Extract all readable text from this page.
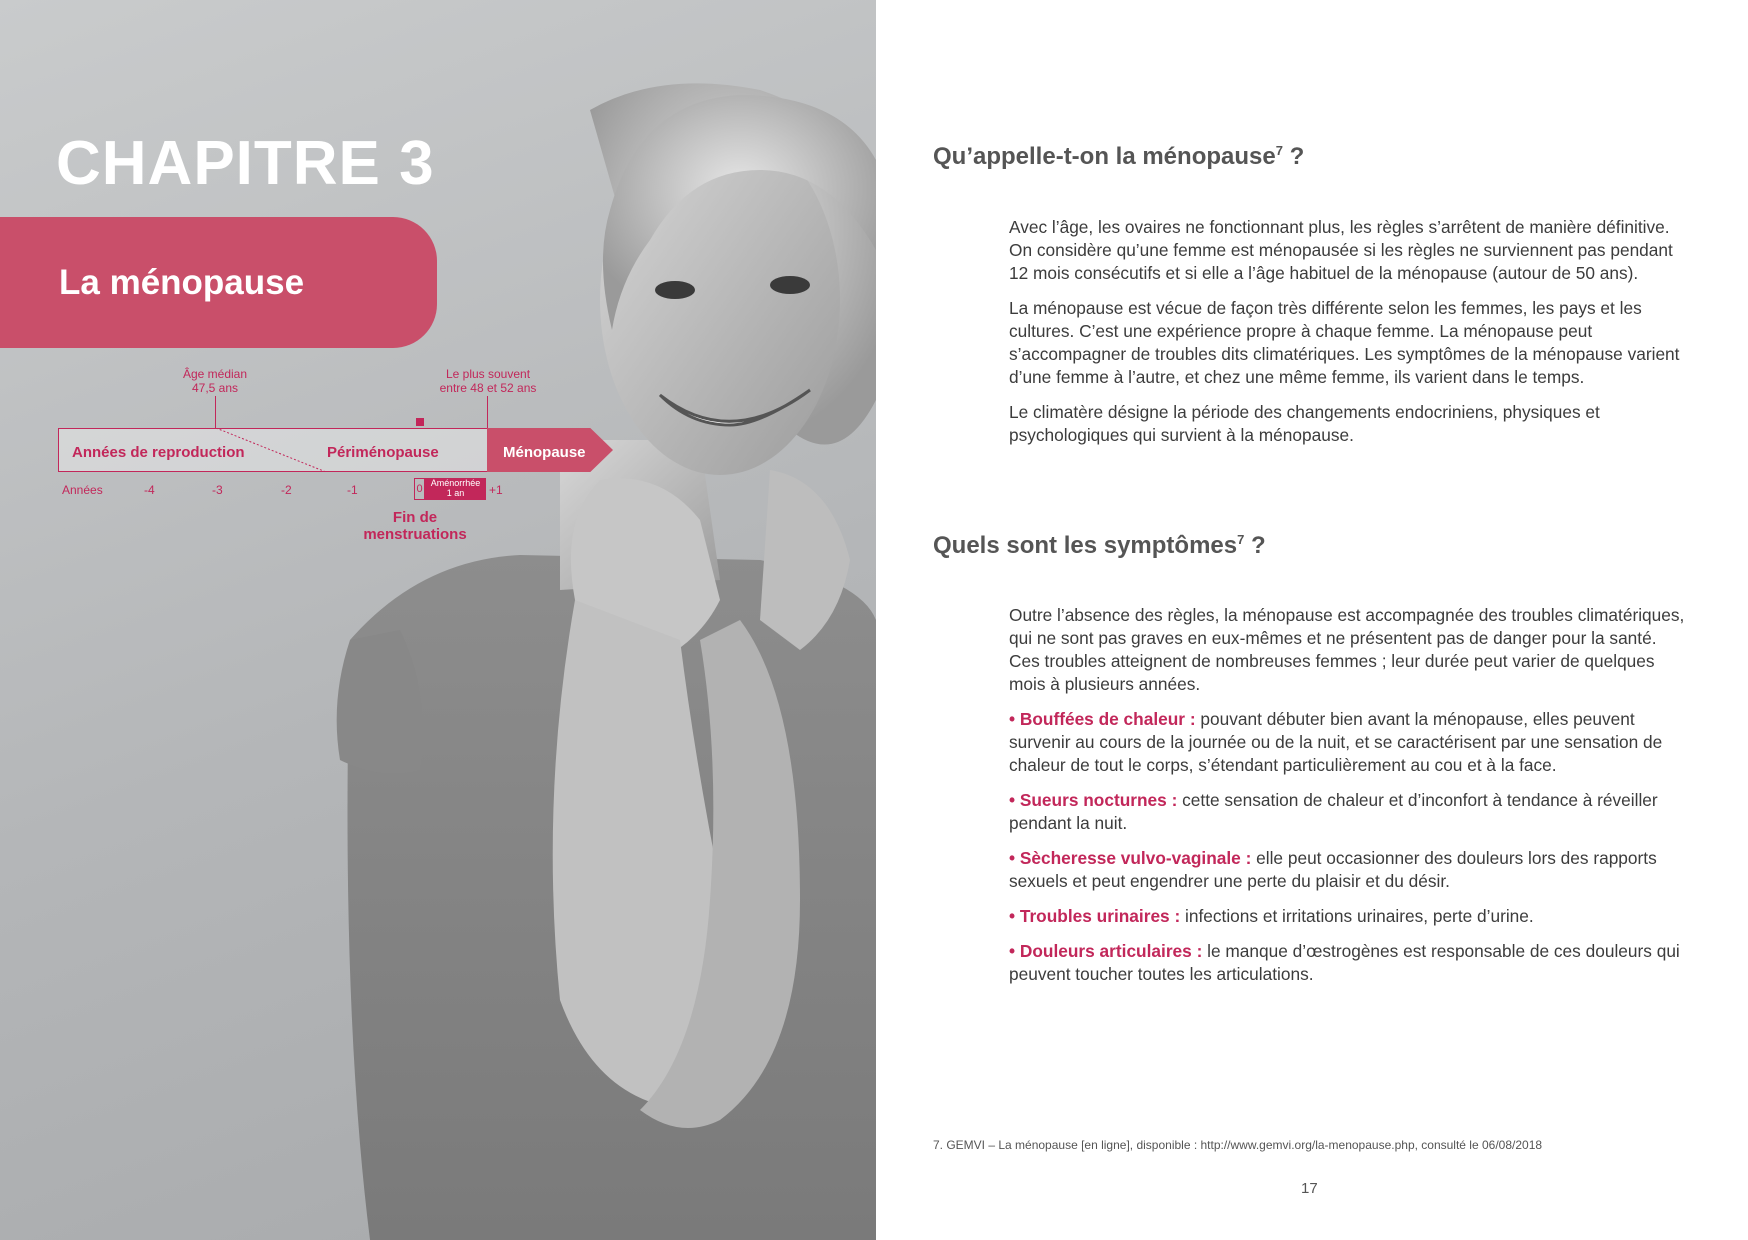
CHAPITRE 3
La ménopause
Âge médian
47,5 ans
Le plus souvent
entre 48 et 52 ans
Années de reproduction	Périménopause	Ménopause
Années	-4	-3	-2	-1	0 Aménorrhée
1 an	+1
Fin de
menstruations
Qu’appelle-t-on la ménopause$^7$ ?

Avec l’âge, les ovaires ne fonctionnant plus, les règles s’arrêtent de manière définitive. On considère qu’une femme est ménopausée si les règles ne surviennent pas pendant 12 mois consécutifs et si elle a l’âge habituel de la ménopause (autour de 50 ans).

La ménopause est vécue de façon très différente selon les femmes, les pays et les cultures. C’est une expérience propre à chaque femme. La ménopause peut s’accompagner de troubles dits climatériques. Les symptômes de la ménopause varient d’une femme à l’autre, et chez une même femme, ils varient dans le temps.

Le climatère désigne la période des changements endocriniens, physiques et psychologiques qui survient à la ménopause.

Quels sont les symptômes$^7$ ?

Outre l’absence des règles, la ménopause est accompagnée des troubles climatériques, qui ne sont pas graves en eux-mêmes et ne présentent pas de danger pour la santé. Ces troubles atteignent de nombreuses femmes ; leur durée peut varier de quelques mois à plusieurs années.

• Bouffées de chaleur : pouvant débuter bien avant la ménopause, elles peuvent survenir au cours de la journée ou de la nuit, et se caractérisent par une sensation de chaleur de tout le corps, s’étendant particulièrement au cou et à la face.

• Sueurs nocturnes : cette sensation de chaleur et d’inconfort à tendance à réveiller pendant la nuit.

• Sècheresse vulvo-vaginale : elle peut occasionner des douleurs lors des rapports sexuels et peut engendrer une perte du plaisir et du désir.

• Troubles urinaires : infections et irritations urinaires, perte d’urine.

• Douleurs articulaires : le manque d’œstrogènes est responsable de ces douleurs qui peuvent toucher toutes les articulations.

7. GEMVI – La ménopause [en ligne], disponible : http://www.gemvi.org/la-menopause.php, consulté le 06/08/2018
17
